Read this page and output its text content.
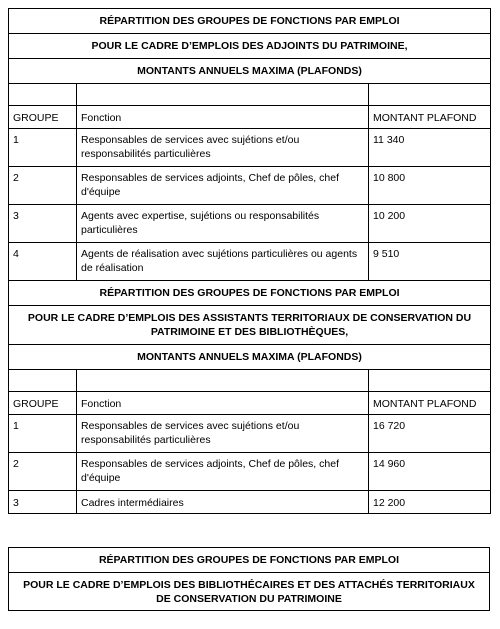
RÉPARTITION DES GROUPES DE FONCTIONS PAR EMPLOI		
POUR LE CADRE D’EMPLOIS DES ADJOINTS DU PATRIMOINE,		
MONTANTS ANNUELS MAXIMA (PLAFONDS)		

GROUPE	Fonction	MONTANT PLAFOND
1	Responsables de services avec sujétions et/ou responsabilités particulières	11 340
2	Responsables de services adjoints, Chef de pôles, chef d'équipe	10 800
3	Agents avec expertise, sujétions ou responsabilités particulières	10 200
4	Agents de réalisation avec sujétions particulières ou agents de réalisation	9 510
RÉPARTITION DES GROUPES DE FONCTIONS PAR EMPLOI		
POUR LE CADRE D’EMPLOIS DES ASSISTANTS TERRITORIAUX DE CONSERVATION DU PATRIMOINE ET DES BIBLIOTHÈQUES,		
MONTANTS ANNUELS MAXIMA (PLAFONDS)		

GROUPE	Fonction	MONTANT PLAFOND
1	Responsables de services avec sujétions et/ou responsabilités particulières	16 720
2	Responsables de services adjoints, Chef de pôles, chef d'équipe	14 960
3	Cadres intermédiaires	12 200
RÉPARTITION DES GROUPES DE FONCTIONS PAR EMPLOI
POUR LE CADRE D’EMPLOIS DES BIBLIOTHÉCAIRES ET DES ATTACHÉS TERRITORIAUX DE CONSERVATION DU PATRIMOINE
